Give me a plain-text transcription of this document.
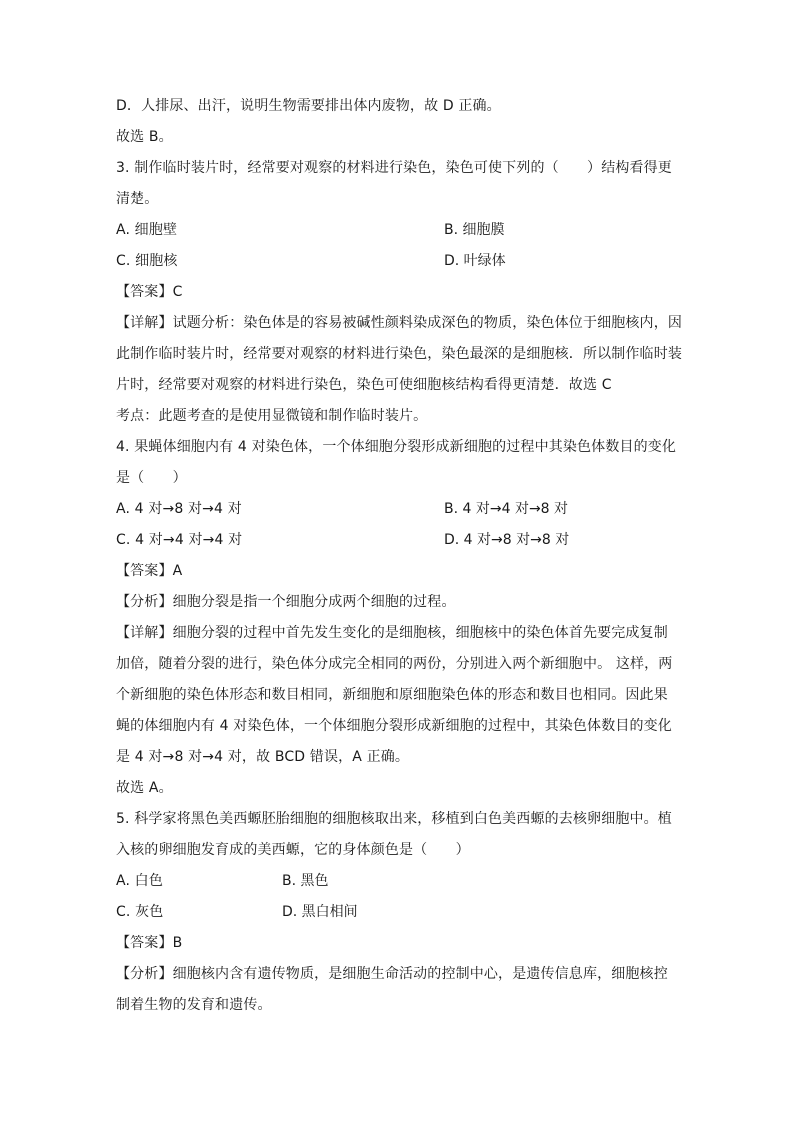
D．人排尿、出汗，说明生物需要排出体内废物，故 D 正确。
故选 B。
3. 制作临时装片时，经常要对观察的材料进行染色，染色可使下列的（　　）结构看得更
清楚。
A. 细胞壁	B. 细胞膜
C. 细胞核	D. 叶绿体
【答案】C
【详解】试题分析：染色体是的容易被碱性颜料染成深色的物质，染色体位于细胞核内，因
此制作临时装片时，经常要对观察的材料进行染色，染色最深的是细胞核．所以制作临时装
片时，经常要对观察的材料进行染色，染色可使细胞核结构看得更清楚．故选 C
考点：此题考查的是使用显微镜和制作临时装片。
4. 果蝇体细胞内有 4 对染色体，一个体细胞分裂形成新细胞的过程中其染色体数目的变化
是（　　）
A. 4 对→8 对→4 对	B. 4 对→4 对→8 对
C. 4 对→4 对→4 对	D. 4 对→8 对→8 对
【答案】A
【分析】细胞分裂是指一个细胞分成两个细胞的过程。
【详解】细胞分裂的过程中首先发生变化的是细胞核，细胞核中的染色体首先要完成复制
加倍，随着分裂的进行，染色体分成完全相同的两份，分别进入两个新细胞中。 这样，两
个新细胞的染色体形态和数目相同，新细胞和原细胞染色体的形态和数目也相同。因此果
蝇的体细胞内有 4 对染色体，一个体细胞分裂形成新细胞的过程中，其染色体数目的变化
是 4 对→8 对→4 对，故 BCD 错误，A 正确。
故选 A。
5. 科学家将黑色美西螈胚胎细胞的细胞核取出来，移植到白色美西螈的去核卵细胞中。植
入核的卵细胞发育成的美西螈，它的身体颜色是（　　）
A. 白色	B. 黑色
C. 灰色	D. 黑白相间
【答案】B
【分析】细胞核内含有遗传物质，是细胞生命活动的控制中心，是遗传信息库，细胞核控
制着生物的发育和遗传。
